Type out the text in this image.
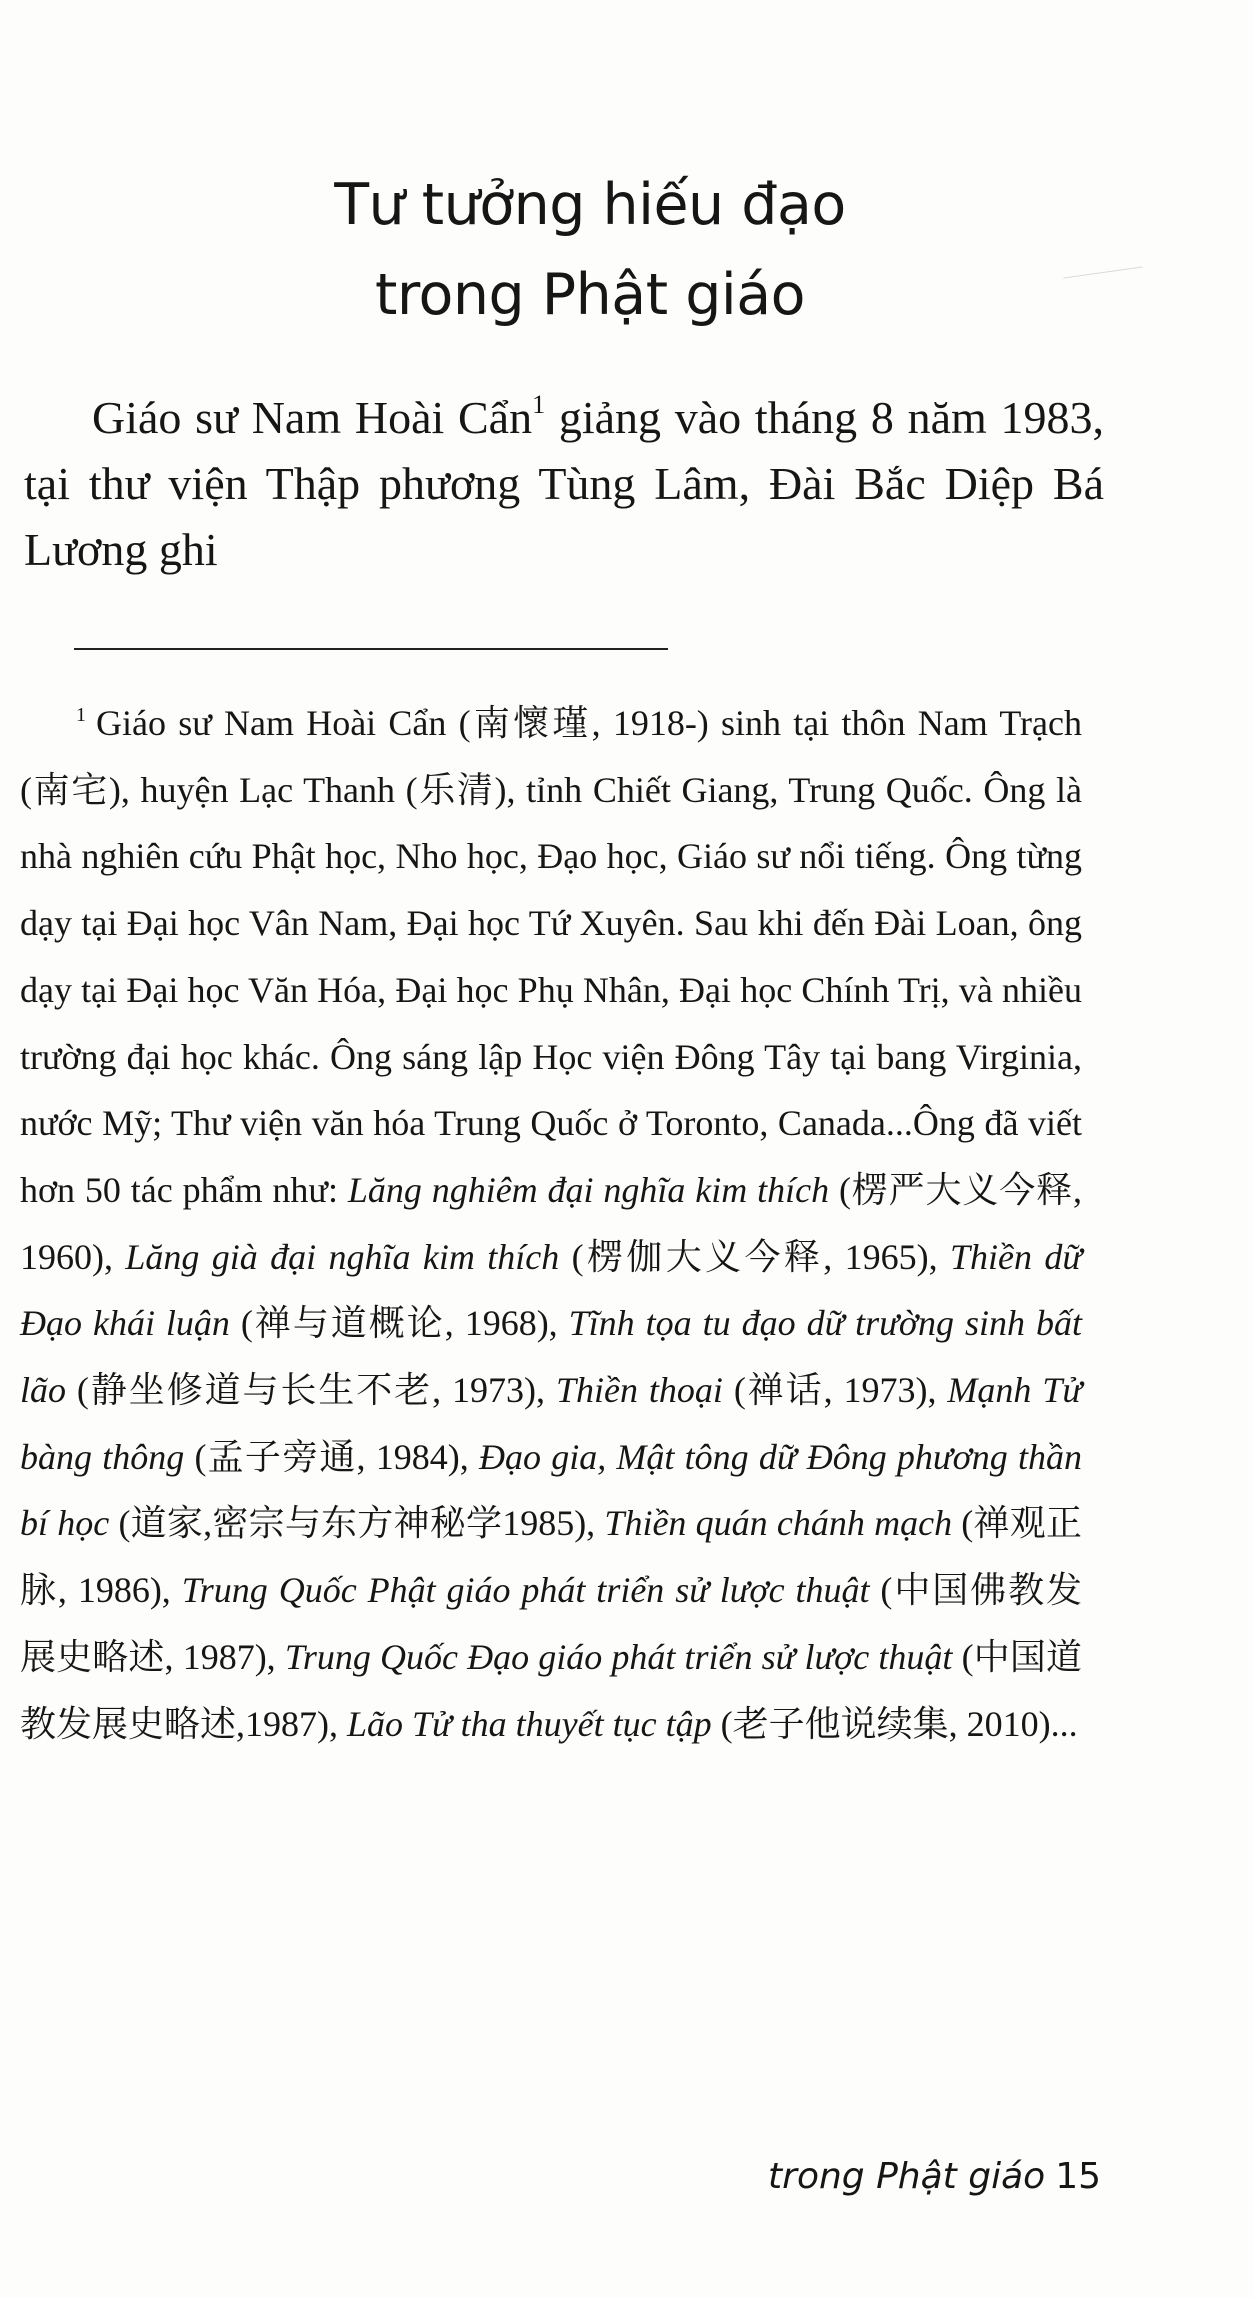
Tư tưởng hiếu đạo
trong Phật giáo

Giáo sư Nam Hoài Cẩn$^1$ giảng vào tháng 8 năm 1983, tại thư viện Thập phương Tùng Lâm, Đài Bắc Diệp Bá Lương ghi

$^1$ Giáo sư Nam Hoài Cẩn (南懷瑾, 1918-) sinh tại thôn Nam Trạch (南宅), huyện Lạc Thanh (乐清), tỉnh Chiết Giang, Trung Quốc. Ông là nhà nghiên cứu Phật học, Nho học, Đạo học, Giáo sư nổi tiếng. Ông từng dạy tại Đại học Vân Nam, Đại học Tứ Xuyên. Sau khi đến Đài Loan, ông dạy tại Đại học Văn Hóa, Đại học Phụ Nhân, Đại học Chính Trị, và nhiều trường đại học khác. Ông sáng lập Học viện Đông Tây tại bang Virginia, nước Mỹ; Thư viện văn hóa Trung Quốc ở Toronto, Canada...Ông đã viết hơn 50 tác phẩm như: Lăng nghiêm đại nghĩa kim thích (楞严大义今释, 1960), Lăng già đại nghĩa kim thích (楞伽大义今释, 1965), Thiền dữ Đạo khái luận (禅与道概论, 1968), Tĩnh tọa tu đạo dữ trường sinh bất lão (静坐修道与长生不老, 1973), Thiền thoại (禅话, 1973), Mạnh Tử bàng thông (孟子旁通, 1984), Đạo gia, Mật tông dữ Đông phương thần bí học (道家,密宗与东方神秘学1985), Thiền quán chánh mạch (禅观正脉, 1986), Trung Quốc Phật giáo phát triển sử lược thuật (中国佛教发展史略述, 1987), Trung Quốc Đạo giáo phát triển sử lược thuật (中国道教发展史略述,1987), Lão Tử tha thuyết tục tập (老子他说续集, 2010)...

trong Phật giáo 15
